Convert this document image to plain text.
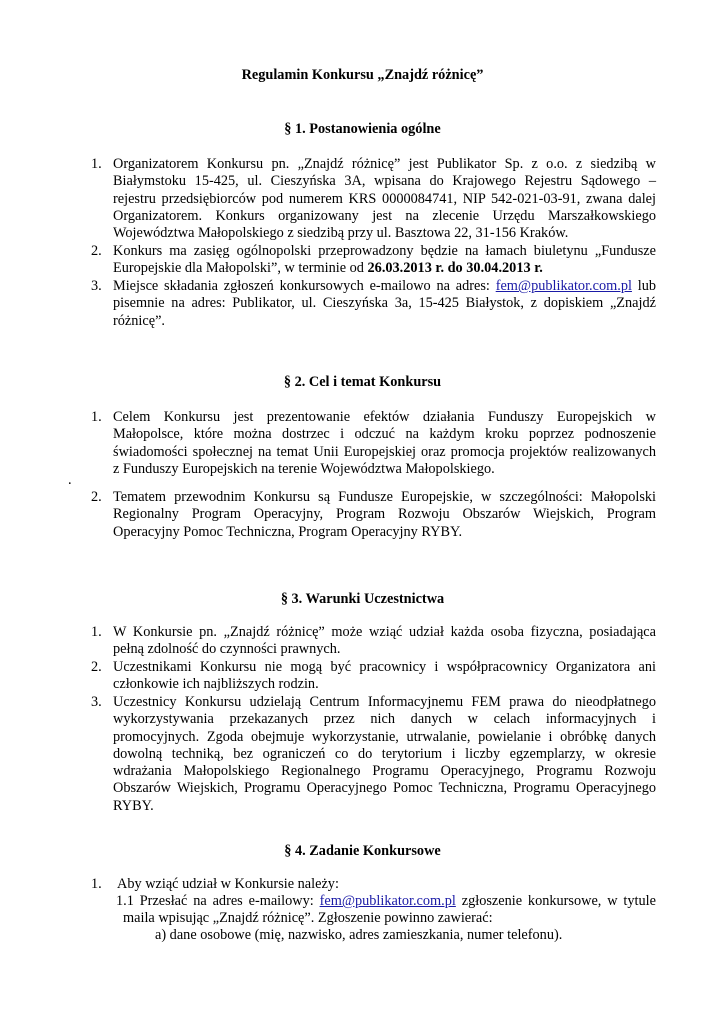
Regulamin Konkursu „Znajdź różnicę”
§ 1. Postanowienia ogólne
1. Organizatorem Konkursu pn. „Znajdź różnicę” jest Publikator Sp. z o.o. z siedzibą w
Białymstoku 15-425, ul. Cieszyńska 3A, wpisana do Krajowego Rejestru Sądowego –
rejestru przedsiębiorców pod numerem KRS 0000084741, NIP 542-021-03-91, zwana dalej
Organizatorem. Konkurs organizowany jest na zlecenie Urzędu Marszałkowskiego
Województwa Małopolskiego z siedzibą przy ul. Basztowa 22, 31-156 Kraków.
2. Konkurs ma zasięg ogólnopolski przeprowadzony będzie na łamach biuletynu „Fundusze
Europejskie dla Małopolski”, w terminie od 26.03.2013 r. do 30.04.2013 r.
3. Miejsce składania zgłoszeń konkursowych e-mailowo na adres: fem@publikator.com.pl lub
pisemnie na adres: Publikator, ul. Cieszyńska 3a, 15-425 Białystok, z dopiskiem „Znajdź
różnicę”.
§ 2. Cel i temat Konkursu
1. Celem Konkursu jest prezentowanie efektów działania Funduszy Europejskich w
Małopolsce, które można dostrzec i odczuć na każdym kroku poprzez podnoszenie
świadomości społecznej na temat Unii Europejskiej oraz promocja projektów realizowanych
z Funduszy Europejskich na terenie Województwa Małopolskiego.
.
2. Tematem przewodnim Konkursu są Fundusze Europejskie, w szczególności: Małopolski
Regionalny Program Operacyjny, Program Rozwoju Obszarów Wiejskich, Program
Operacyjny Pomoc Techniczna, Program Operacyjny RYBY.
§ 3. Warunki Uczestnictwa
1. W Konkursie pn. „Znajdź różnicę” może wziąć udział każda osoba fizyczna, posiadająca
pełną zdolność do czynności prawnych.
2. Uczestnikami Konkursu nie mogą być pracownicy i współpracownicy Organizatora ani
członkowie ich najbliższych rodzin.
3. Uczestnicy Konkursu udzielają Centrum Informacyjnemu FEM prawa do nieodpłatnego
wykorzystywania przekazanych przez nich danych w celach informacyjnych i
promocyjnych. Zgoda obejmuje wykorzystanie, utrwalanie, powielanie i obróbkę danych
dowolną techniką, bez ograniczeń co do terytorium i liczby egzemplarzy, w okresie
wdrażania Małopolskiego Regionalnego Programu Operacyjnego, Programu Rozwoju
Obszarów Wiejskich, Programu Operacyjnego Pomoc Techniczna, Programu Operacyjnego
RYBY.
§ 4. Zadanie Konkursowe
1. Aby wziąć udział w Konkursie należy:
1.1 Przesłać na adres e-mailowy: fem@publikator.com.pl zgłoszenie konkursowe, w tytule
maila wpisując „Znajdź różnicę”. Zgłoszenie powinno zawierać:
a) dane osobowe (mię, nazwisko, adres zamieszkania, numer telefonu).
